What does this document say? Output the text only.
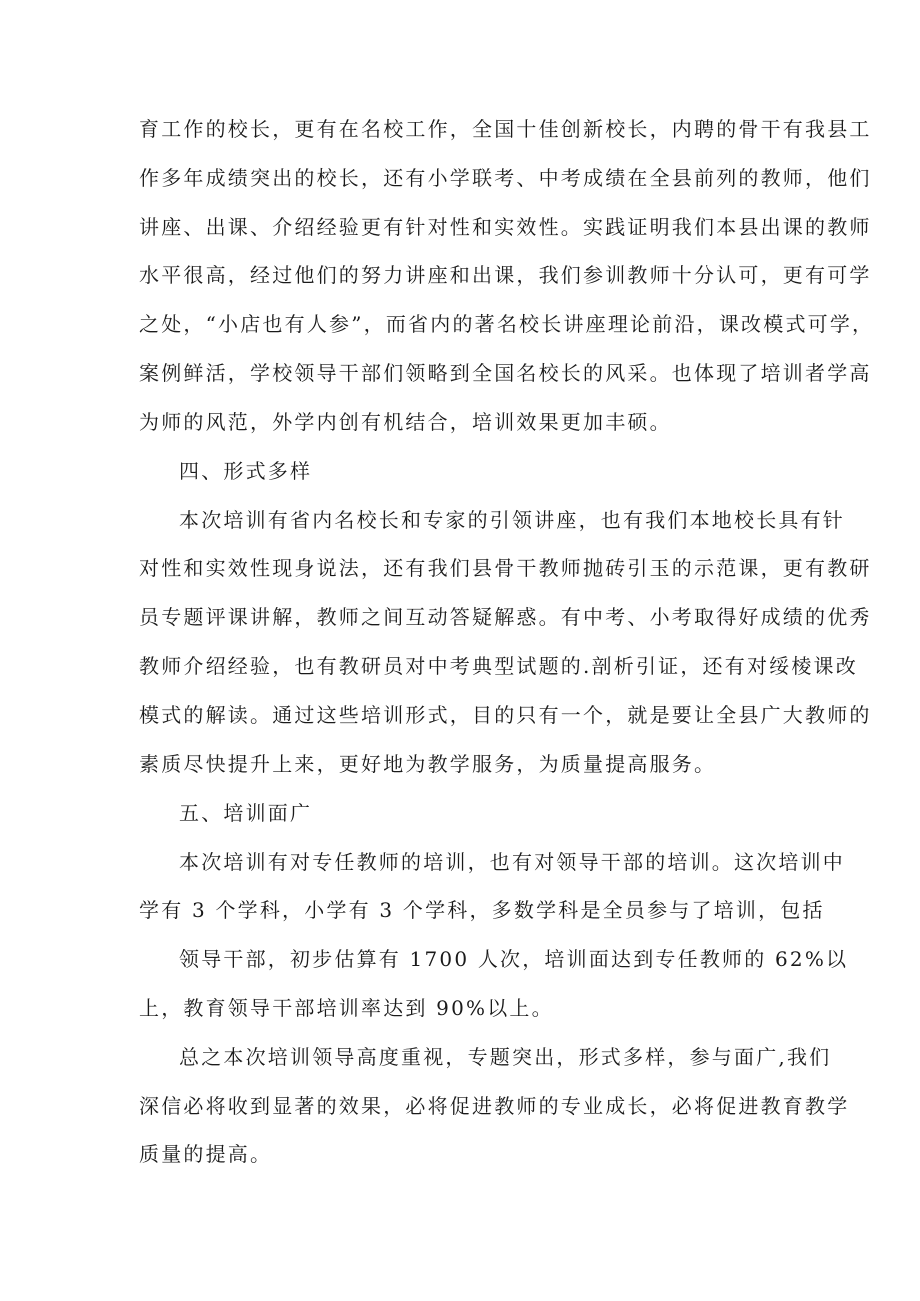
育工作的校长，更有在名校工作，全国十佳创新校长，内聘的骨干有我县工

作多年成绩突出的校长，还有小学联考、中考成绩在全县前列的教师，他们

讲座、出课、介绍经验更有针对性和实效性。实践证明我们本县出课的教师

水平很高，经过他们的努力讲座和出课，我们参训教师十分认可，更有可学

之处，“小店也有人参”，而省内的著名校长讲座理论前沿，课改模式可学，

案例鲜活，学校领导干部们领略到全国名校长的风采。也体现了培训者学高

为师的风范，外学内创有机结合，培训效果更加丰硕。

四、形式多样

本次培训有省内名校长和专家的引领讲座，也有我们本地校长具有针

对性和实效性现身说法，还有我们县骨干教师抛砖引玉的示范课，更有教研

员专题评课讲解，教师之间互动答疑解惑。有中考、小考取得好成绩的优秀

教师介绍经验，也有教研员对中考典型试题的.剖析引证，还有对绥棱课改

模式的解读。通过这些培训形式，目的只有一个，就是要让全县广大教师的

素质尽快提升上来，更好地为教学服务，为质量提高服务。

五、培训面广

本次培训有对专任教师的培训，也有对领导干部的培训。这次培训中

学有 3 个学科，小学有 3 个学科，多数学科是全员参与了培训，包括

领导干部，初步估算有 1700 人次，培训面达到专任教师的 62%以

上，教育领导干部培训率达到 90%以上。

总之本次培训领导高度重视，专题突出，形式多样，参与面广,我们

深信必将收到显著的效果，必将促进教师的专业成长，必将促进教育教学

质量的提高。
